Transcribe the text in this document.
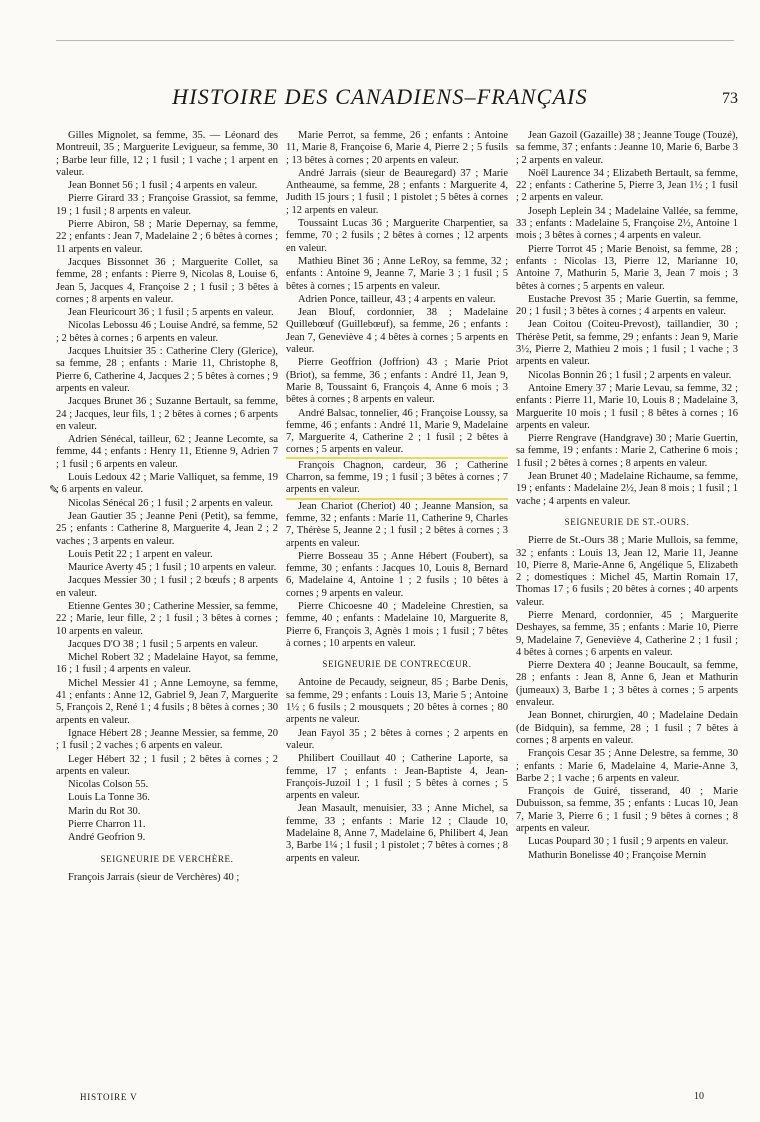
HISTOIRE DES CANADIENS–FRANÇAIS	73

Gilles Mignolet, sa femme, 35. — Léonard des Montreuil, 35 ; Marguerite Levigueur, sa femme, 30 ; Barbe leur fille, 12 ; 1 fusil ; 1 vache ; 1 arpent en valeur.

Jean Bonnet 56 ; 1 fusil ; 4 arpents en valeur.

Pierre Girard 33 ; Françoise Grassiot, sa femme, 19 ; 1 fusil ; 8 arpents en valeur.

Pierre Abiron, 58 ; Marie Depernay, sa femme, 22 ; enfants : Jean 7, Madelaine 2 ; 6 bêtes à cornes ; 11 arpents en valeur.

Jacques Bissonnet 36 ; Marguerite Collet, sa femme, 28 ; enfants : Pierre 9, Nicolas 8, Louise 6, Jean 5, Jacques 4, Françoise 2 ; 1 fusil ; 3 bêtes à cornes ; 8 arpents en valeur.

Jean Fleuricourt 36 ; 1 fusil ; 5 arpents en valeur.

Nicolas Lebossu 46 ; Louise André, sa femme, 52 ; 2 bêtes à cornes ; 6 arpents en valeur.

Jacques Lhuitsier 35 : Catherine Clery (Glerice), sa femme, 28 ; enfants : Marie 11, Christophe 8, Pierre 6, Catherine 4, Jacques 2 ; 5 bêtes à cornes ; 9 arpents en valeur.

Jacques Brunet 36 ; Suzanne Bertault, sa femme, 24 ; Jacques, leur fils, 1 ; 2 bêtes à cornes ; 6 arpents en valeur.

Adrien Sénécal, tailleur, 62 ; Jeanne Lecomte, sa femme, 44 ; enfants : Henry 11, Etienne 9, Adrien 7 ; 1 fusil ; 6 arpents en valeur.

Louis Ledoux 42 ; Marie Valliquet, sa femme, 19 ; 6 arpents en valeur.

Nicolas Sénécal 26 ; 1 fusil ; 2 arpents en valeur.

Jean Gautier 35 ; Jeanne Peni (Petit), sa femme, 25 ; enfants : Catherine 8, Marguerite 4, Jean 2 ; 2 vaches ; 3 arpents en valeur.

Louis Petit 22 ; 1 arpent en valeur.

Maurice Averty 45 ; 1 fusil ; 10 arpents en valeur.

Jacques Messier 30 ; 1 fusil ; 2 bœufs ; 8 arpents en valeur.

Etienne Gentes 30 ; Catherine Messier, sa femme, 22 ; Marie, leur fille, 2 ; 1 fusil ; 3 bêtes à cornes ; 10 arpents en valeur.

Jacques D'O 38 ; 1 fusil ; 5 arpents en valeur.

Michel Robert 32 ; Madelaine Hayot, sa femme, 16 ; 1 fusil ; 4 arpents en valeur.

Michel Messier 41 ; Anne Lemoyne, sa femme, 41 ; enfants : Anne 12, Gabriel 9, Jean 7, Marguerite 5, François 2, René 1 ; 4 fusils ; 8 bêtes à cornes ; 30 arpents en valeur.

Ignace Hébert 28 ; Jeanne Messier, sa femme, 20 ; 1 fusil ; 2 vaches ; 6 arpents en valeur.

Leger Hébert 32 ; 1 fusil ; 2 bêtes à cornes ; 2 arpents en valeur.

Nicolas Colson 55.

Louis La Tonne 36.

Marin du Rot 30.

Pierre Charron 11.

André Geofrion 9.

SEIGNEURIE DE VERCHÈRE.

François Jarrais (sieur de Verchères) 40 ;

Marie Perrot, sa femme, 26 ; enfants : Antoine 11, Marie 8, Françoise 6, Marie 4, Pierre 2 ; 5 fusils ; 13 bêtes à cornes ; 20 arpents en valeur.

André Jarrais (sieur de Beauregard) 37 ; Marie Antheaume, sa femme, 28 ; enfants : Marguerite 4, Judith 15 jours ; 1 fusil ; 1 pistolet ; 5 bêtes à cornes ; 12 arpents en valeur.

Toussaint Lucas 36 ; Marguerite Charpentier, sa femme, 70 ; 2 fusils ; 2 bêtes à cornes ; 12 arpents en valeur.

Mathieu Binet 36 ; Anne LeRoy, sa femme, 32 ; enfants : Antoine 9, Jeanne 7, Marie 3 ; 1 fusil ; 5 bêtes à cornes ; 15 arpents en valeur.

Adrien Ponce, tailleur, 43 ; 4 arpents en valeur.

Jean Blouf, cordonnier, 38 ; Madelaine Quillebœuf (Guillebœuf), sa femme, 26 ; enfants : Jean 7, Geneviève 4 ; 4 bêtes à cornes ; 5 arpents en valeur.

Pierre Geoffrion (Joffrion) 43 ; Marie Priot (Briot), sa femme, 36 ; enfants : André 11, Jean 9, Marie 8, Toussaint 6, François 4, Anne 6 mois ; 3 bêtes à cornes ; 8 arpents en valeur.

André Balsac, tonnelier, 46 ; Françoise Loussy, sa femme, 46 ; enfants : André 11, Marie 9, Madelaine 7, Marguerite 4, Catherine 2 ; 1 fusil ; 2 bêtes à cornes ; 5 arpents en valeur.

François Chagnon, cardeur, 36 ; Catherine Charron, sa femme, 19 ; 1 fusil ; 3 bêtes à cornes ; 7 arpents en valeur.

Jean Chariot (Cheriot) 40 ; Jeanne Mansion, sa femme, 32 ; enfants : Marie 11, Catherine 9, Charles 7, Thérèse 5, Jeanne 2 ; 1 fusil ; 2 bêtes à cornes ; 3 arpents en valeur.

Pierre Bosseau 35 ; Anne Hébert (Foubert), sa femme, 30 ; enfants : Jacques 10, Louis 8, Bernard 6, Madelaine 4, Antoine 1 ; 2 fusils ; 10 bêtes à cornes ; 9 arpents en valeur.

Pierre Chicoesne 40 ; Madeleine Chrestien, sa femme, 40 ; enfants : Madelaine 10, Marguerite 8, Pierre 6, François 3, Agnès 1 mois ; 1 fusil ; 7 bêtes à cornes ; 10 arpents en valeur.

SEIGNEURIE DE CONTRECŒUR.

Antoine de Pecaudy, seigneur, 85 ; Barbe Denis, sa femme, 29 ; enfants : Louis 13, Marie 5 ; Antoine 1½ ; 6 fusils ; 2 mousquets ; 20 bêtes à cornes ; 80 arpents ne valeur.

Jean Fayol 35 ; 2 bêtes à cornes ; 2 arpents en valeur.

Philibert Couillaut 40 ; Catherine Laporte, sa femme, 17 ; enfants : Jean-Baptiste 4, Jean-François-Juzoil 1 ; 1 fusil ; 5 bêtes à cornes ; 5 arpents en valeur.

Jean Masault, menuisier, 33 ; Anne Michel, sa femme, 33 ; enfants : Marie 12 ; Claude 10, Madelaine 8, Anne 7, Madelaine 6, Philibert 4, Jean 3, Barbe 1¼ ; 1 fusil ; 1 pistolet ; 7 bêtes à cornes ; 8 arpents en valeur.

Jean Gazoil (Gazaille) 38 ; Jeanne Touge (Touzé), sa femme, 37 ; enfants : Jeanne 10, Marie 6, Barbe 3 ; 2 arpents en valeur.

Noël Laurence 34 ; Elizabeth Bertault, sa femme, 22 ; enfants : Catherine 5, Pierre 3, Jean 1½ ; 1 fusil ; 2 arpents en valeur.

Joseph Leplein 34 ; Madelaine Vallée, sa femme, 33 ; enfants : Madelaine 5, Françoise 2½, Antoine 1 mois ; 3 bêtes à cornes ; 4 arpents en valeur.

Pierre Torrot 45 ; Marie Benoist, sa femme, 28 ; enfants : Nicolas 13, Pierre 12, Marianne 10, Antoine 7, Mathurin 5, Marie 3, Jean 7 mois ; 3 bêtes à cornes ; 5 arpents en valeur.

Eustache Prevost 35 ; Marie Guertin, sa femme, 20 ; 1 fusil ; 3 bêtes à cornes ; 4 arpents en valeur.

Jean Coitou (Coiteu-Prevost), taillandier, 30 ; Thérèse Petit, sa femme, 29 ; enfants : Jean 9, Marie 3½, Pierre 2, Mathieu 2 mois ; 1 fusil ; 1 vache ; 3 arpents en valeur.

Nicolas Bonnin 26 ; 1 fusil ; 2 arpents en valeur.

Antoine Emery 37 ; Marie Levau, sa femme, 32 ; enfants : Pierre 11, Marie 10, Louis 8 ; Madelaine 3, Marguerite 10 mois ; 1 fusil ; 8 bêtes à cornes ; 16 arpents en valeur.

Pierre Rengrave (Handgrave) 30 ; Marie Guertin, sa femme, 19 ; enfants : Marie 2, Catherine 6 mois ; 1 fusil ; 2 bêtes à cornes ; 8 arpents en valeur.

Jean Brunet 40 ; Madelaine Richaume, sa femme, 19 ; enfants : Madelaine 2½, Jean 8 mois ; 1 fusil ; 1 vache ; 4 arpents en valeur.

SEIGNEURIE DE ST.-OURS.

Pierre de St.-Ours 38 ; Marie Mullois, sa femme, 32 ; enfants : Louis 13, Jean 12, Marie 11, Jeanne 10, Pierre 8, Marie-Anne 6, Angélique 5, Elizabeth 2 ; domestiques : Michel 45, Martin Romain 17, Thomas 17 ; 6 fusils ; 20 bêtes à cornes ; 40 arpents valeur.

Pierre Menard, cordonnier, 45 ; Marguerite Deshayes, sa femme, 35 ; enfants : Marie 10, Pierre 9, Madelaine 7, Geneviève 4, Catherine 2 ; 1 fusil ; 4 bêtes à cornes ; 6 arpents en valeur.

Pierre Dextera 40 ; Jeanne Boucault, sa femme, 28 ; enfants : Jean 8, Anne 6, Jean et Mathurin (jumeaux) 3, Barbe 1 ; 3 bêtes à cornes ; 5 arpents envaleur.

Jean Bonnet, chirurgien, 40 ; Madelaine Dedain (de Bidquin), sa femme, 28 ; 1 fusil ; 7 bêtes à cornes ; 8 arpents en valeur.

François Cesar 35 ; Anne Delestre, sa femme, 30 ; enfants : Marie 6, Madelaine 4, Marie-Anne 3, Barbe 2 ; 1 vache ; 6 arpents en valeur.

François de Guiré, tisserand, 40 ; Marie Dubuisson, sa femme, 35 ; enfants : Lucas 10, Jean 7, Marie 3, Pierre 6 ; 1 fusil ; 9 bêtes à cornes ; 8 arpents en valeur.

Lucas Poupard 30 ; 1 fusil ; 9 arpents en valeur.

Mathurin Bonelisse 40 ; Françoise Mernin

✎
HISTOIRE V	10
